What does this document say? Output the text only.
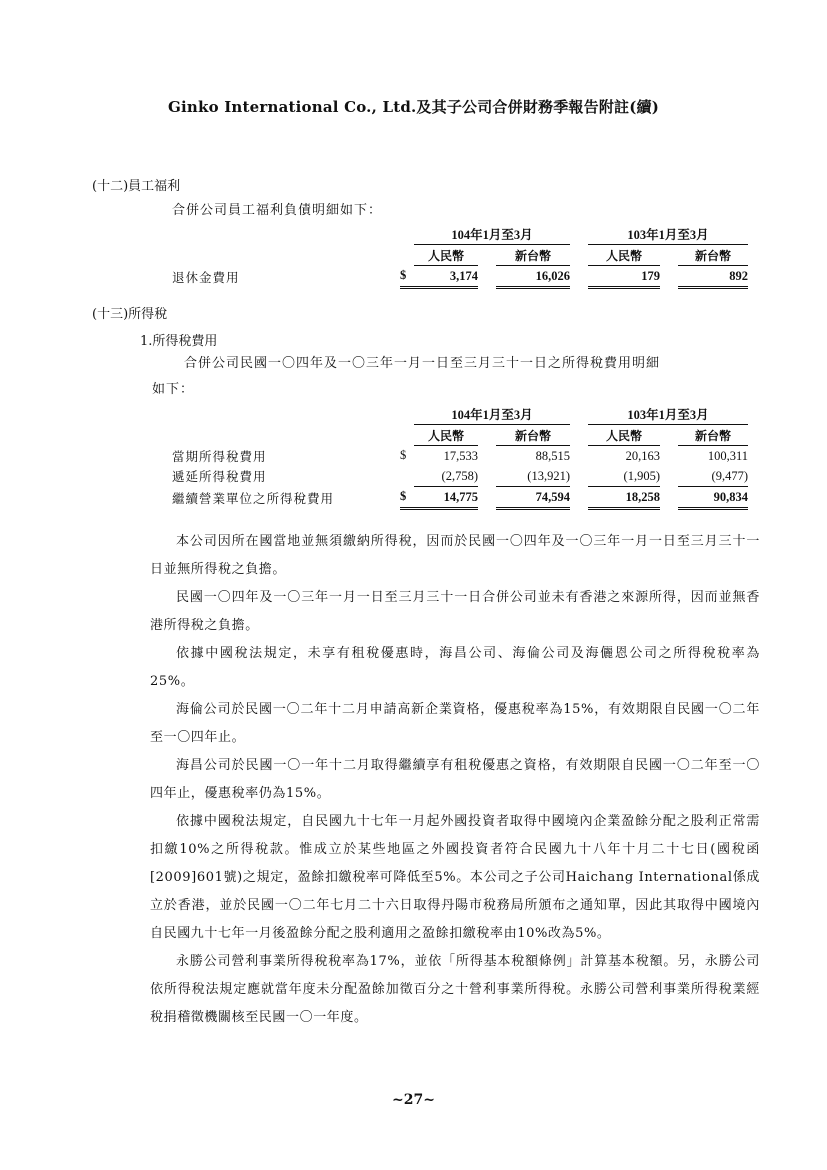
Ginko International Co., Ltd.及其子公司合併財務季報告附註(續)
(十二)員工福利
合併公司員工福利負債明細如下：
		104年1月至3月				103年1月至3月		
		人民幣		新台幣		人民幣		新台幣
退休金費用	$	3,174		16,026		179		892
(十三)所得稅
1.所得稅費用
合併公司民國一〇四年及一〇三年一月一日至三月三十一日之所得稅費用明細
如下：
		104年1月至3月				103年1月至3月		
		人民幣		新台幣		人民幣		新台幣
當期所得稅費用	$	17,533		88,515		20,163		100,311
遞延所得稅費用		(2,758)		(13,921)		(1,905)		(9,477)
繼續營業單位之所得稅費用	$	14,775		74,594		18,258		90,834

本公司因所在國當地並無須繳納所得稅，因而於民國一〇四年及一〇三年一月一日至三月三十一日並無所得稅之負擔。

民國一〇四年及一〇三年一月一日至三月三十一日合併公司並未有香港之來源所得，因而並無香港所得稅之負擔。

依據中國稅法規定，未享有租稅優惠時，海昌公司、海倫公司及海儷恩公司之所得稅稅率為25%。

海倫公司於民國一〇二年十二月申請高新企業資格，優惠稅率為15%，有效期限自民國一〇二年至一〇四年止。

海昌公司於民國一〇一年十二月取得繼續享有租稅優惠之資格，有效期限自民國一〇二年至一〇四年止，優惠稅率仍為15%。

依據中國稅法規定，自民國九十七年一月起外國投資者取得中國境內企業盈餘分配之股利正常需扣繳10%之所得稅款。惟成立於某些地區之外國投資者符合民國九十八年十月二十七日(國稅函[2009]601號)之規定，盈餘扣繳稅率可降低至5%。本公司之子公司Haichang International係成立於香港，並於民國一〇二年七月二十六日取得丹陽市稅務局所頒布之通知單，因此其取得中國境內自民國九十七年一月後盈餘分配之股利適用之盈餘扣繳稅率由10%改為5%。

永勝公司營利事業所得稅稅率為17%，並依「所得基本稅額條例」計算基本稅額。另，永勝公司依所得稅法規定應就當年度未分配盈餘加徵百分之十營利事業所得稅。永勝公司營利事業所得稅業經稅捐稽徵機關核至民國一〇一年度。

~27~
